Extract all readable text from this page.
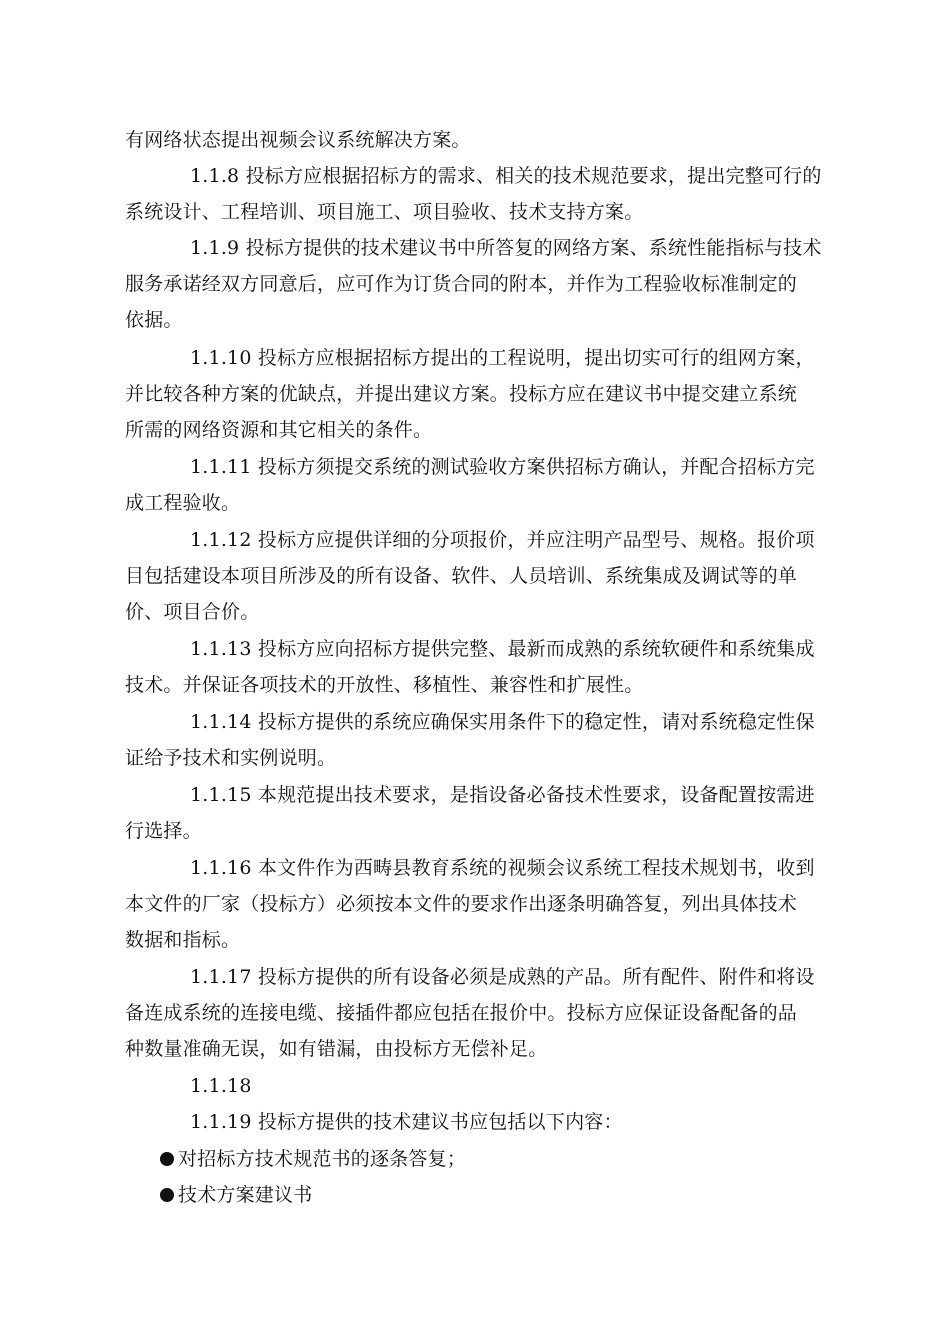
有网络状态提出视频会议系统解决方案。
1.1.8 投标方应根据招标方的需求、相关的技术规范要求，提出完整可行的
系统设计、工程培训、项目施工、项目验收、技术支持方案。
1.1.9 投标方提供的技术建议书中所答复的网络方案、系统性能指标与技术
服务承诺经双方同意后，应可作为订货合同的附本，并作为工程验收标准制定的
依据。
1.1.10 投标方应根据招标方提出的工程说明，提出切实可行的组网方案，
并比较各种方案的优缺点，并提出建议方案。投标方应在建议书中提交建立系统
所需的网络资源和其它相关的条件。
1.1.11 投标方须提交系统的测试验收方案供招标方确认，并配合招标方完
成工程验收。
1.1.12 投标方应提供详细的分项报价，并应注明产品型号、规格。报价项
目包括建设本项目所涉及的所有设备、软件、人员培训、系统集成及调试等的单
价、项目合价。
1.1.13 投标方应向招标方提供完整、最新而成熟的系统软硬件和系统集成
技术。并保证各项技术的开放性、移植性、兼容性和扩展性。
1.1.14 投标方提供的系统应确保实用条件下的稳定性，请对系统稳定性保
证给予技术和实例说明。
1.1.15 本规范提出技术要求，是指设备必备技术性要求，设备配置按需进
行选择。
1.1.16 本文件作为西畴县教育系统的视频会议系统工程技术规划书，收到
本文件的厂家（投标方）必须按本文件的要求作出逐条明确答复，列出具体技术
数据和指标。
1.1.17 投标方提供的所有设备必须是成熟的产品。所有配件、附件和将设
备连成系统的连接电缆、接插件都应包括在报价中。投标方应保证设备配备的品
种数量准确无误，如有错漏，由投标方无偿补足。
1.1.18
1.1.19 投标方提供的技术建议书应包括以下内容：
对招标方技术规范书的逐条答复；
技术方案建议书
